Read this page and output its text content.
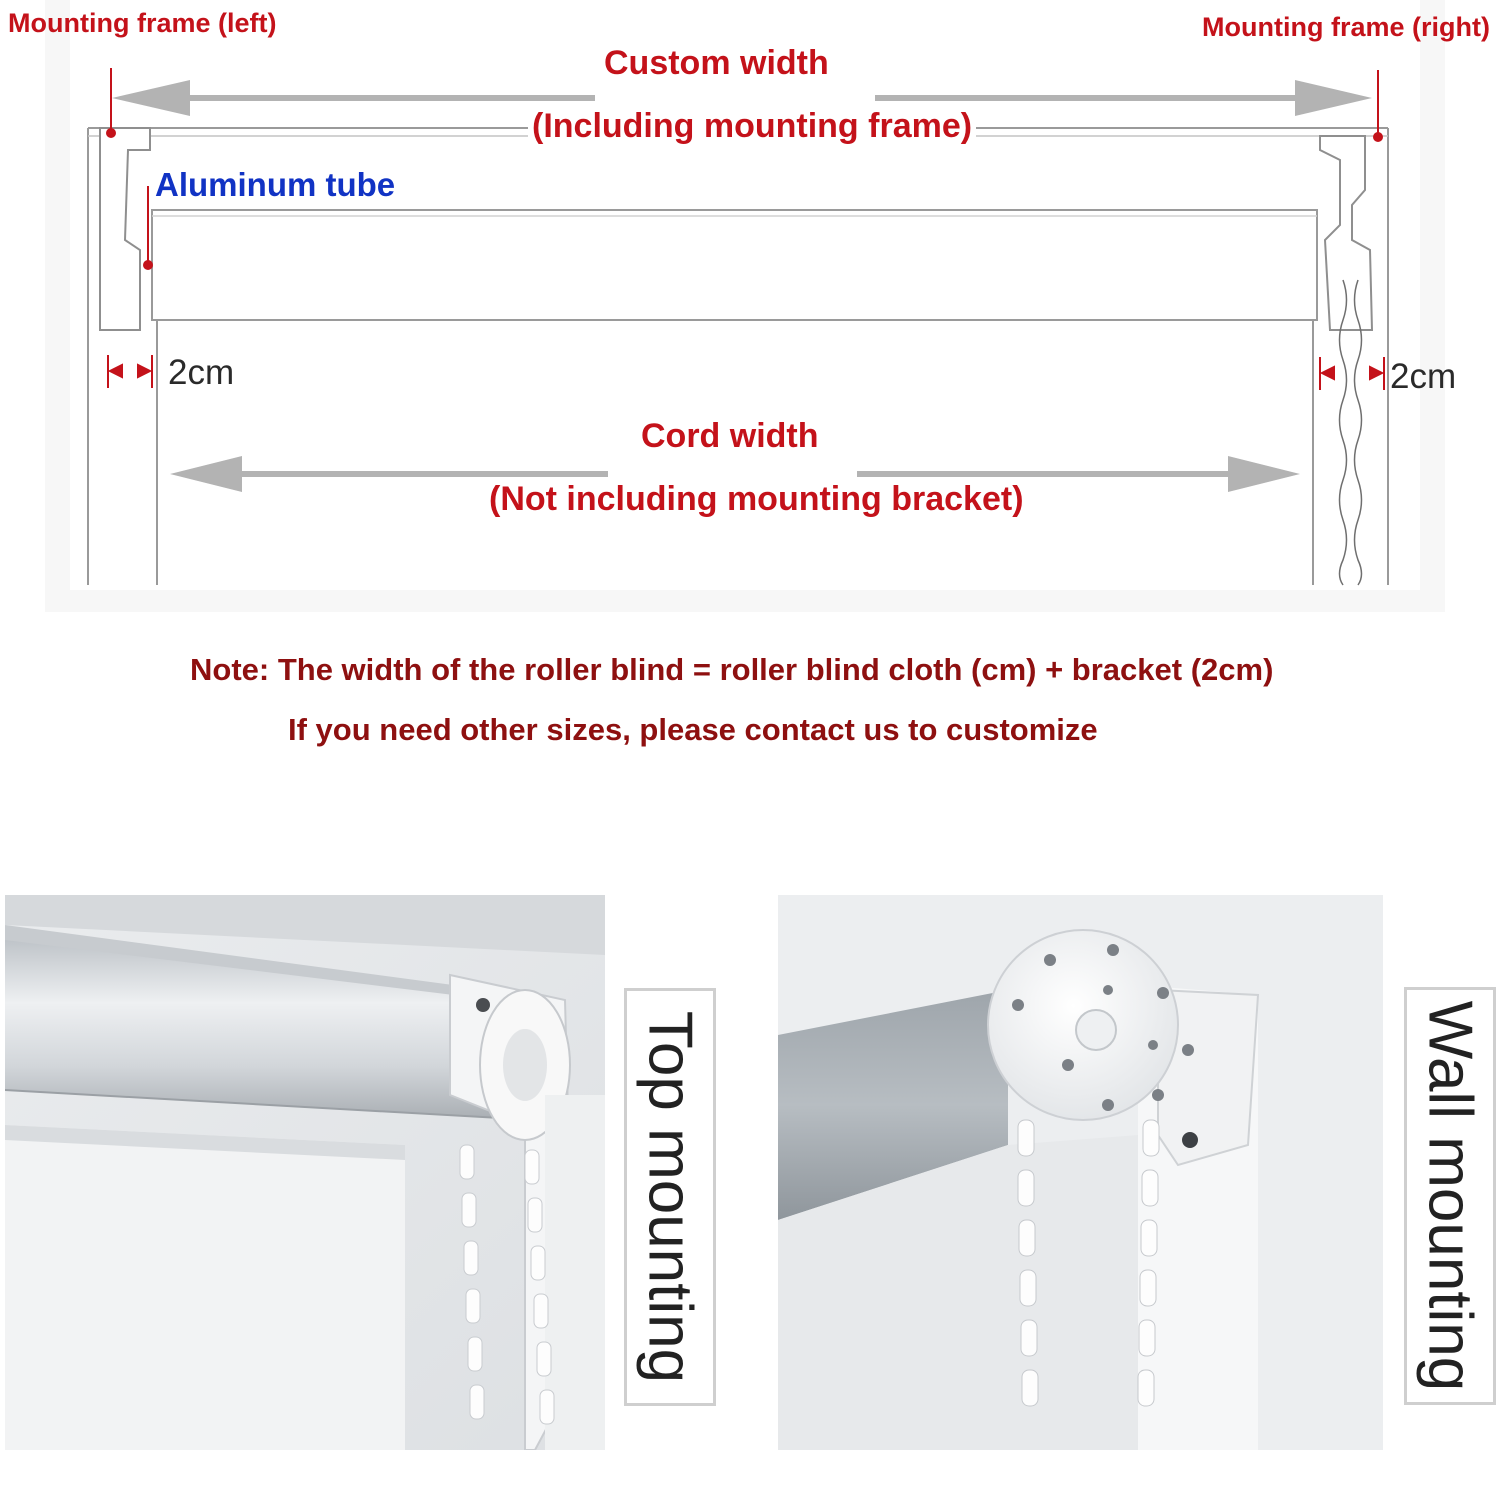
Mounting frame (left)	Mounting frame (right)
Custom width
(Including mounting frame)
Aluminum tube
2cm	2cm
Cord width
(Not including mounting bracket)
Note: The width of the roller blind = roller blind cloth (cm) + bracket (2cm)
If you need other sizes, please contact us to customize
Top mounting	Wall mounting
